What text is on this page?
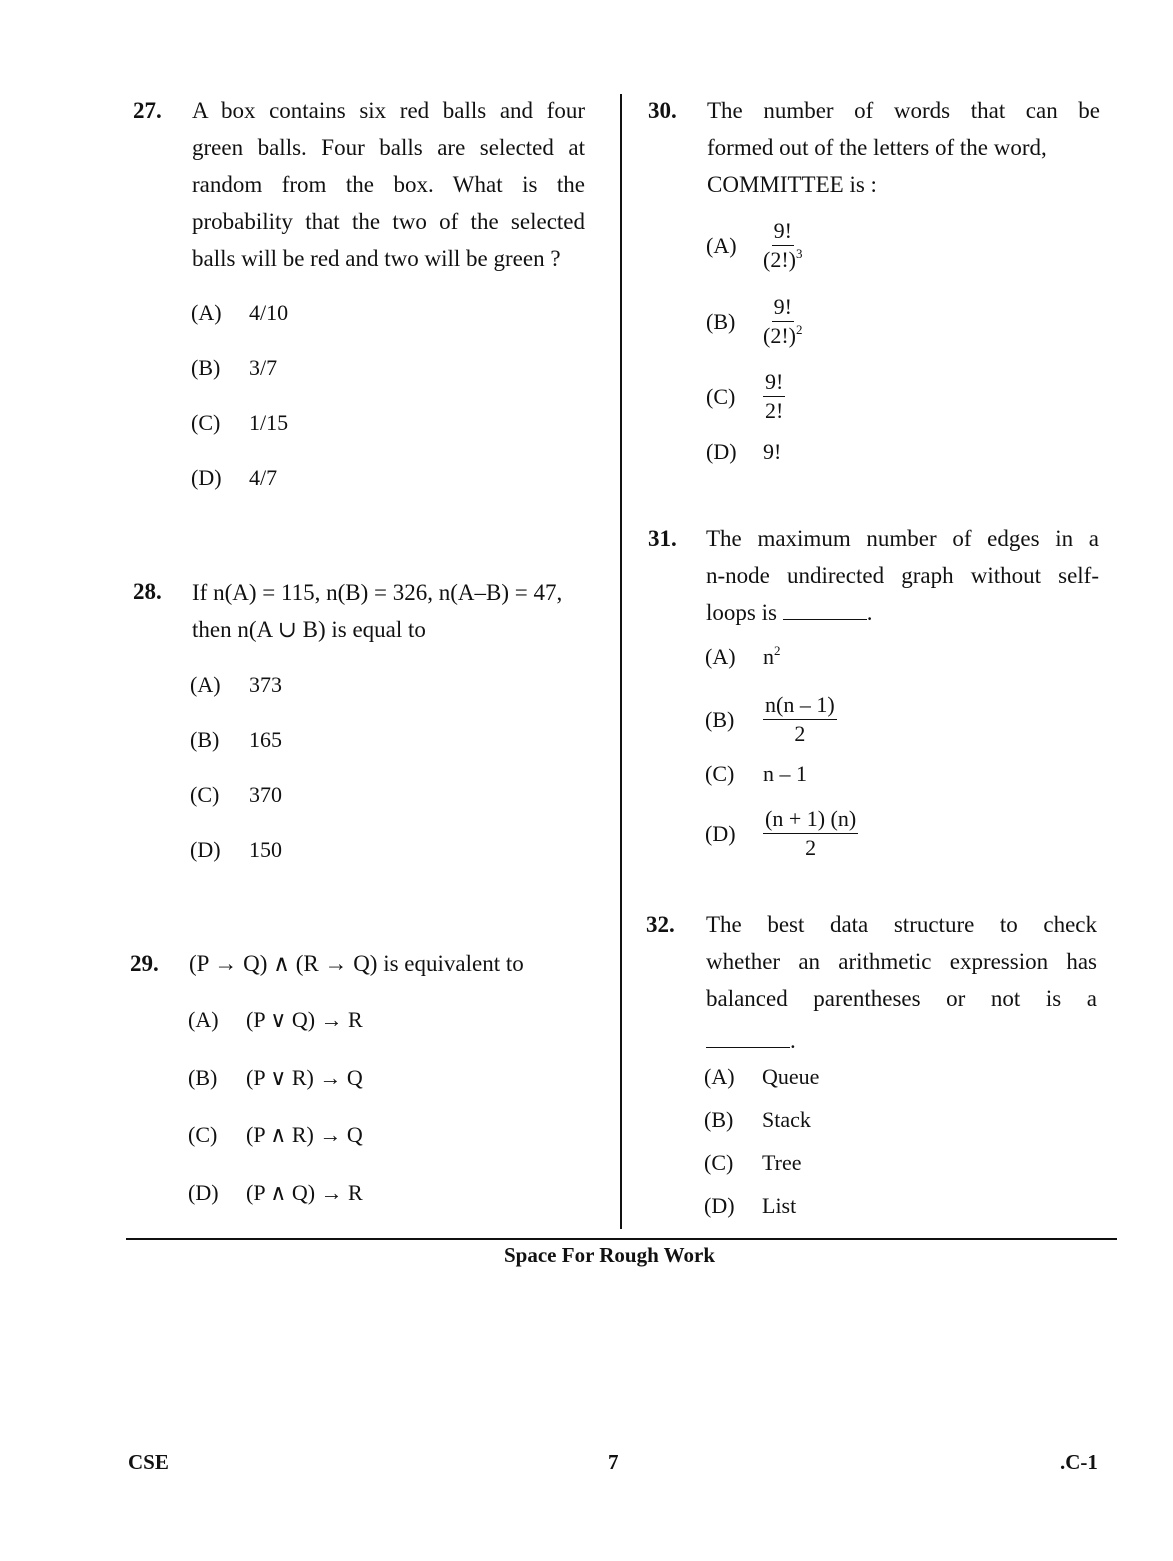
27. A box contains six red balls and four
green balls. Four balls are selected at
random from the box. What is the
probability that the two of the selected
balls will be red and two will be green ?
(A)	4/10
(B)	3/7
(C)	1/15
(D)	4/7
28. If n(A) = 115, n(B) = 326, n(A–B) = 47,
then n(A ∪ B) is equal to
(A)	373
(B)	165
(C)	370
(D)	150
29. (P → Q) ∧ (R → Q) is equivalent to
(A)	(P ∨ Q) → R
(B)	(P ∨ R) → Q
(C)	(P ∧ R) → Q
(D)	(P ∧ Q) → R
30. The number of words that can be
formed out of the letters of the word,
COMMITTEE is :
(A)	$\frac{9!}{(2!)^3}$
(B)	$\frac{9!}{(2!)^2}$
(C)	$\frac{9!}{2!}$
(D)	9!
31. The maximum number of edges in a
n-node undirected graph without self-
loops is	.
(A)	$n^2$
(B)	$\frac{n(n - 1)}{2}$
(C)	n – 1
(D)	$\frac{(n + 1) (n)}{2}$
32. The best data structure to check
whether an arithmetic expression has
balanced parentheses or not is a
.
(A)	Queue
(B)	Stack
(C)	Tree
(D)	List
Space For Rough Work
CSE	7	.C-1
